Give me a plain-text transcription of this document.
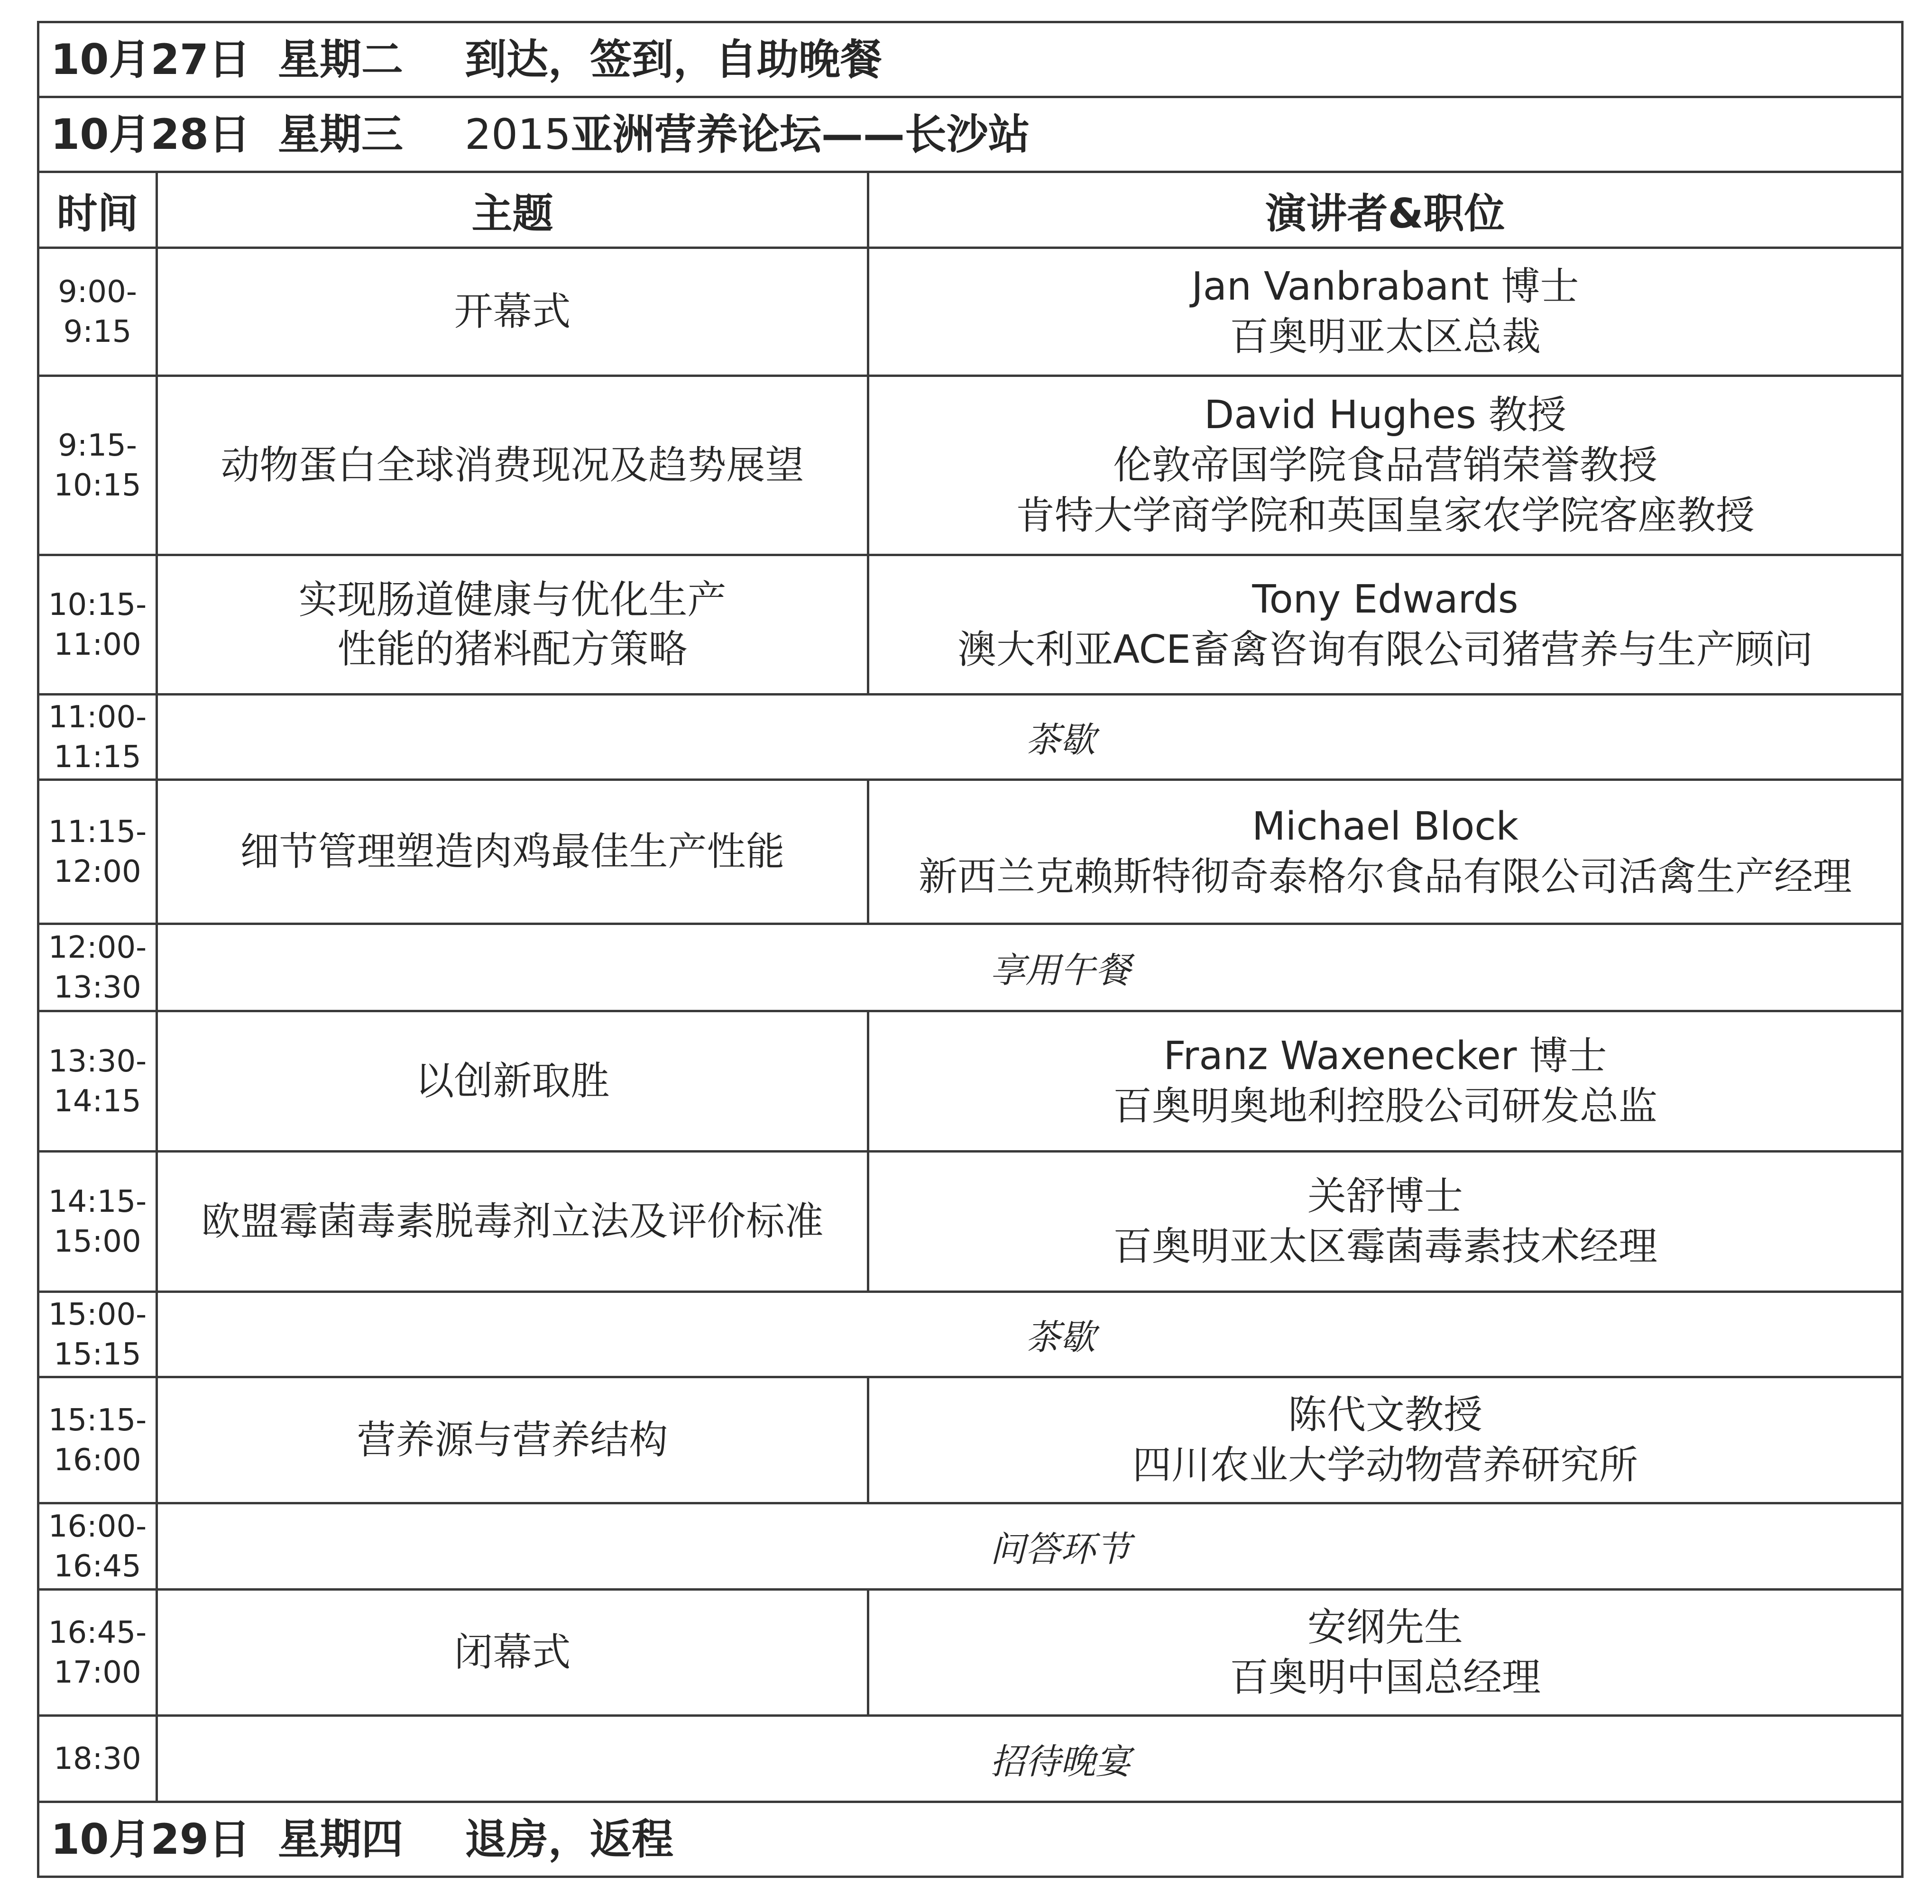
10月27日 星期二 到达，签到，自助晚餐		
10月28日 星期三 2015亚洲营养论坛——长沙站		
时间	主题	演讲者&职位

9:00-
9:15	开幕式	Jan Vanbrabant 博士
百奥明亚太区总裁

9:15-
10:15	动物蛋白全球消费现况及趋势展望	David Hughes 教授
伦敦帝国学院食品营销荣誉教授
肯特大学商学院和英国皇家农学院客座教授

10:15-
11:00	实现肠道健康与优化生产
性能的猪料配方策略	Tony Edwards
澳大利亚ACE畜禽咨询有限公司猪营养与生产顾问

11:00-
11:15	茶歇	

11:15-
12:00	细节管理塑造肉鸡最佳生产性能	Michael Block
新西兰克赖斯特彻奇泰格尔食品有限公司活禽生产经理

12:00-
13:30	享用午餐	

13:30-
14:15	以创新取胜	Franz Waxenecker 博士
百奥明奥地利控股公司研发总监

14:15-
15:00	欧盟霉菌毒素脱毒剂立法及评价标准	关舒博士
百奥明亚太区霉菌毒素技术经理

15:00-
15:15	茶歇	

15:15-
16:00	营养源与营养结构	陈代文教授
四川农业大学动物营养研究所

16:00-
16:45	问答环节	

16:45-
17:00	闭幕式	安纲先生
百奥明中国总经理

18:30	招待晚宴	
10月29日 星期四 退房，返程		
